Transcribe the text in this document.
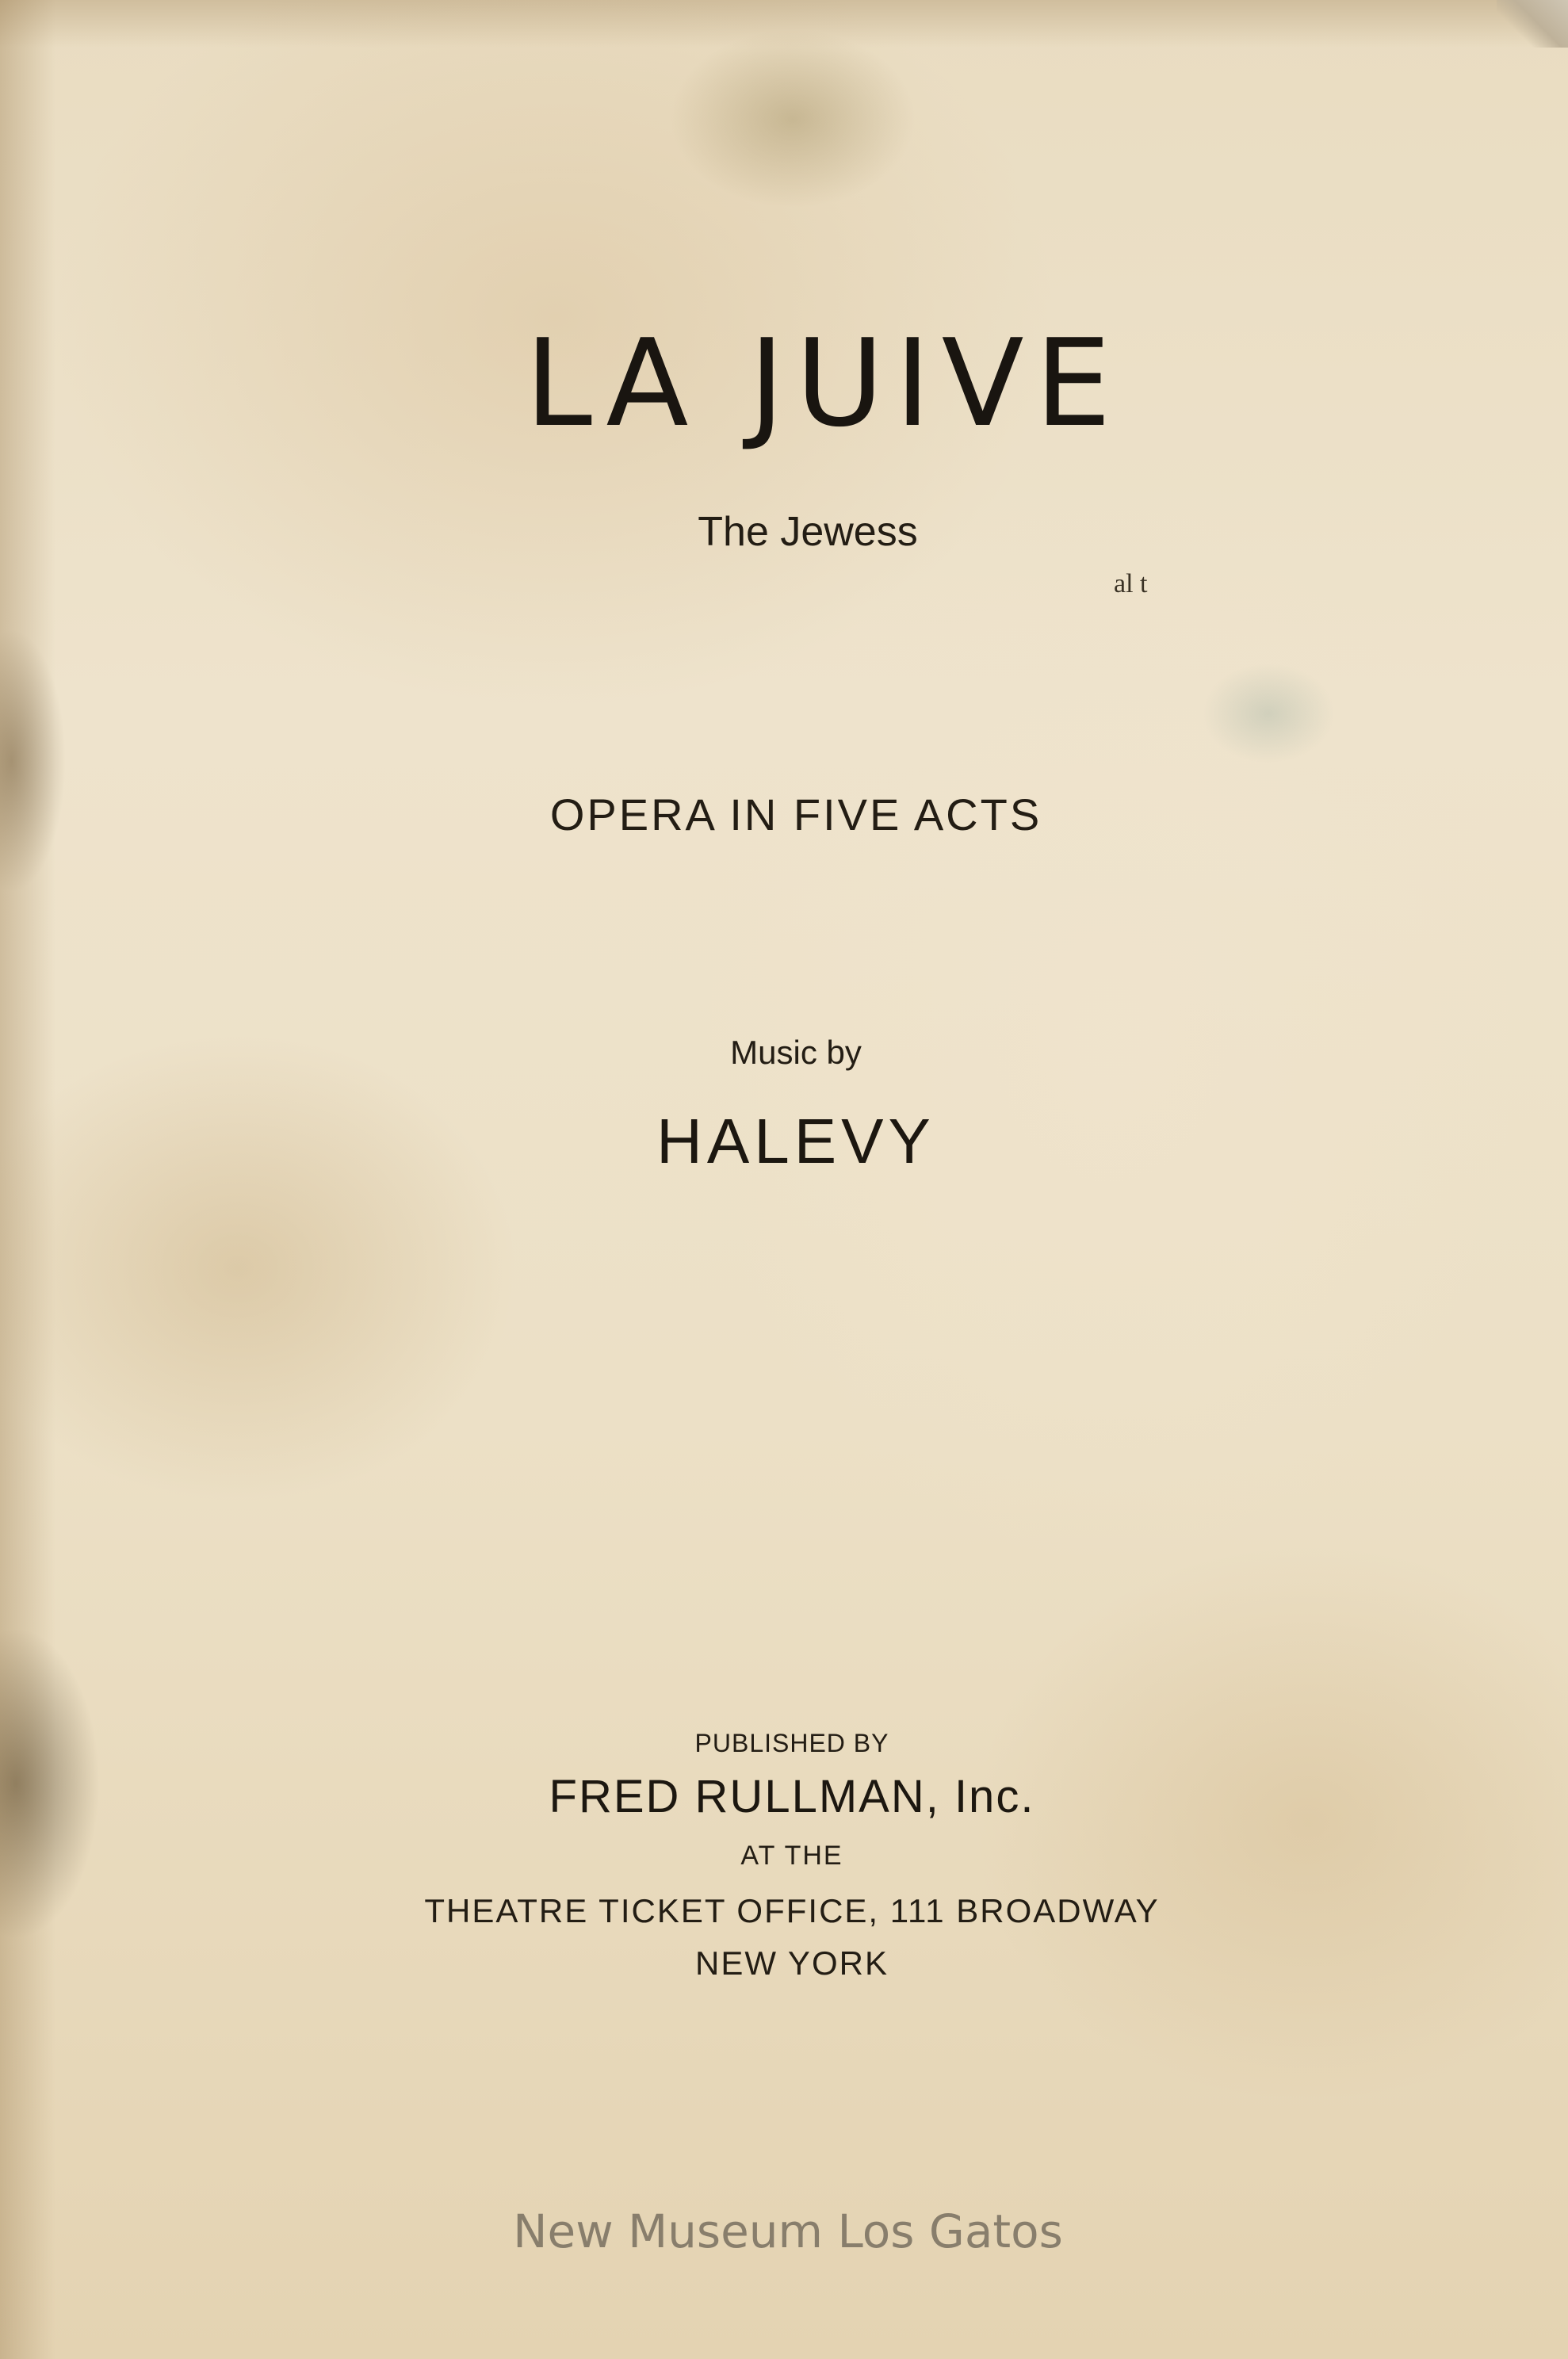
LA JUIVE
The Jewess
al t
OPERA IN FIVE ACTS
Music by
HALEVY
PUBLISHED BY
FRED RULLMAN, Inc.
AT THE
THEATRE TICKET OFFICE, 111 BROADWAY
NEW YORK
New Museum Los Gatos
